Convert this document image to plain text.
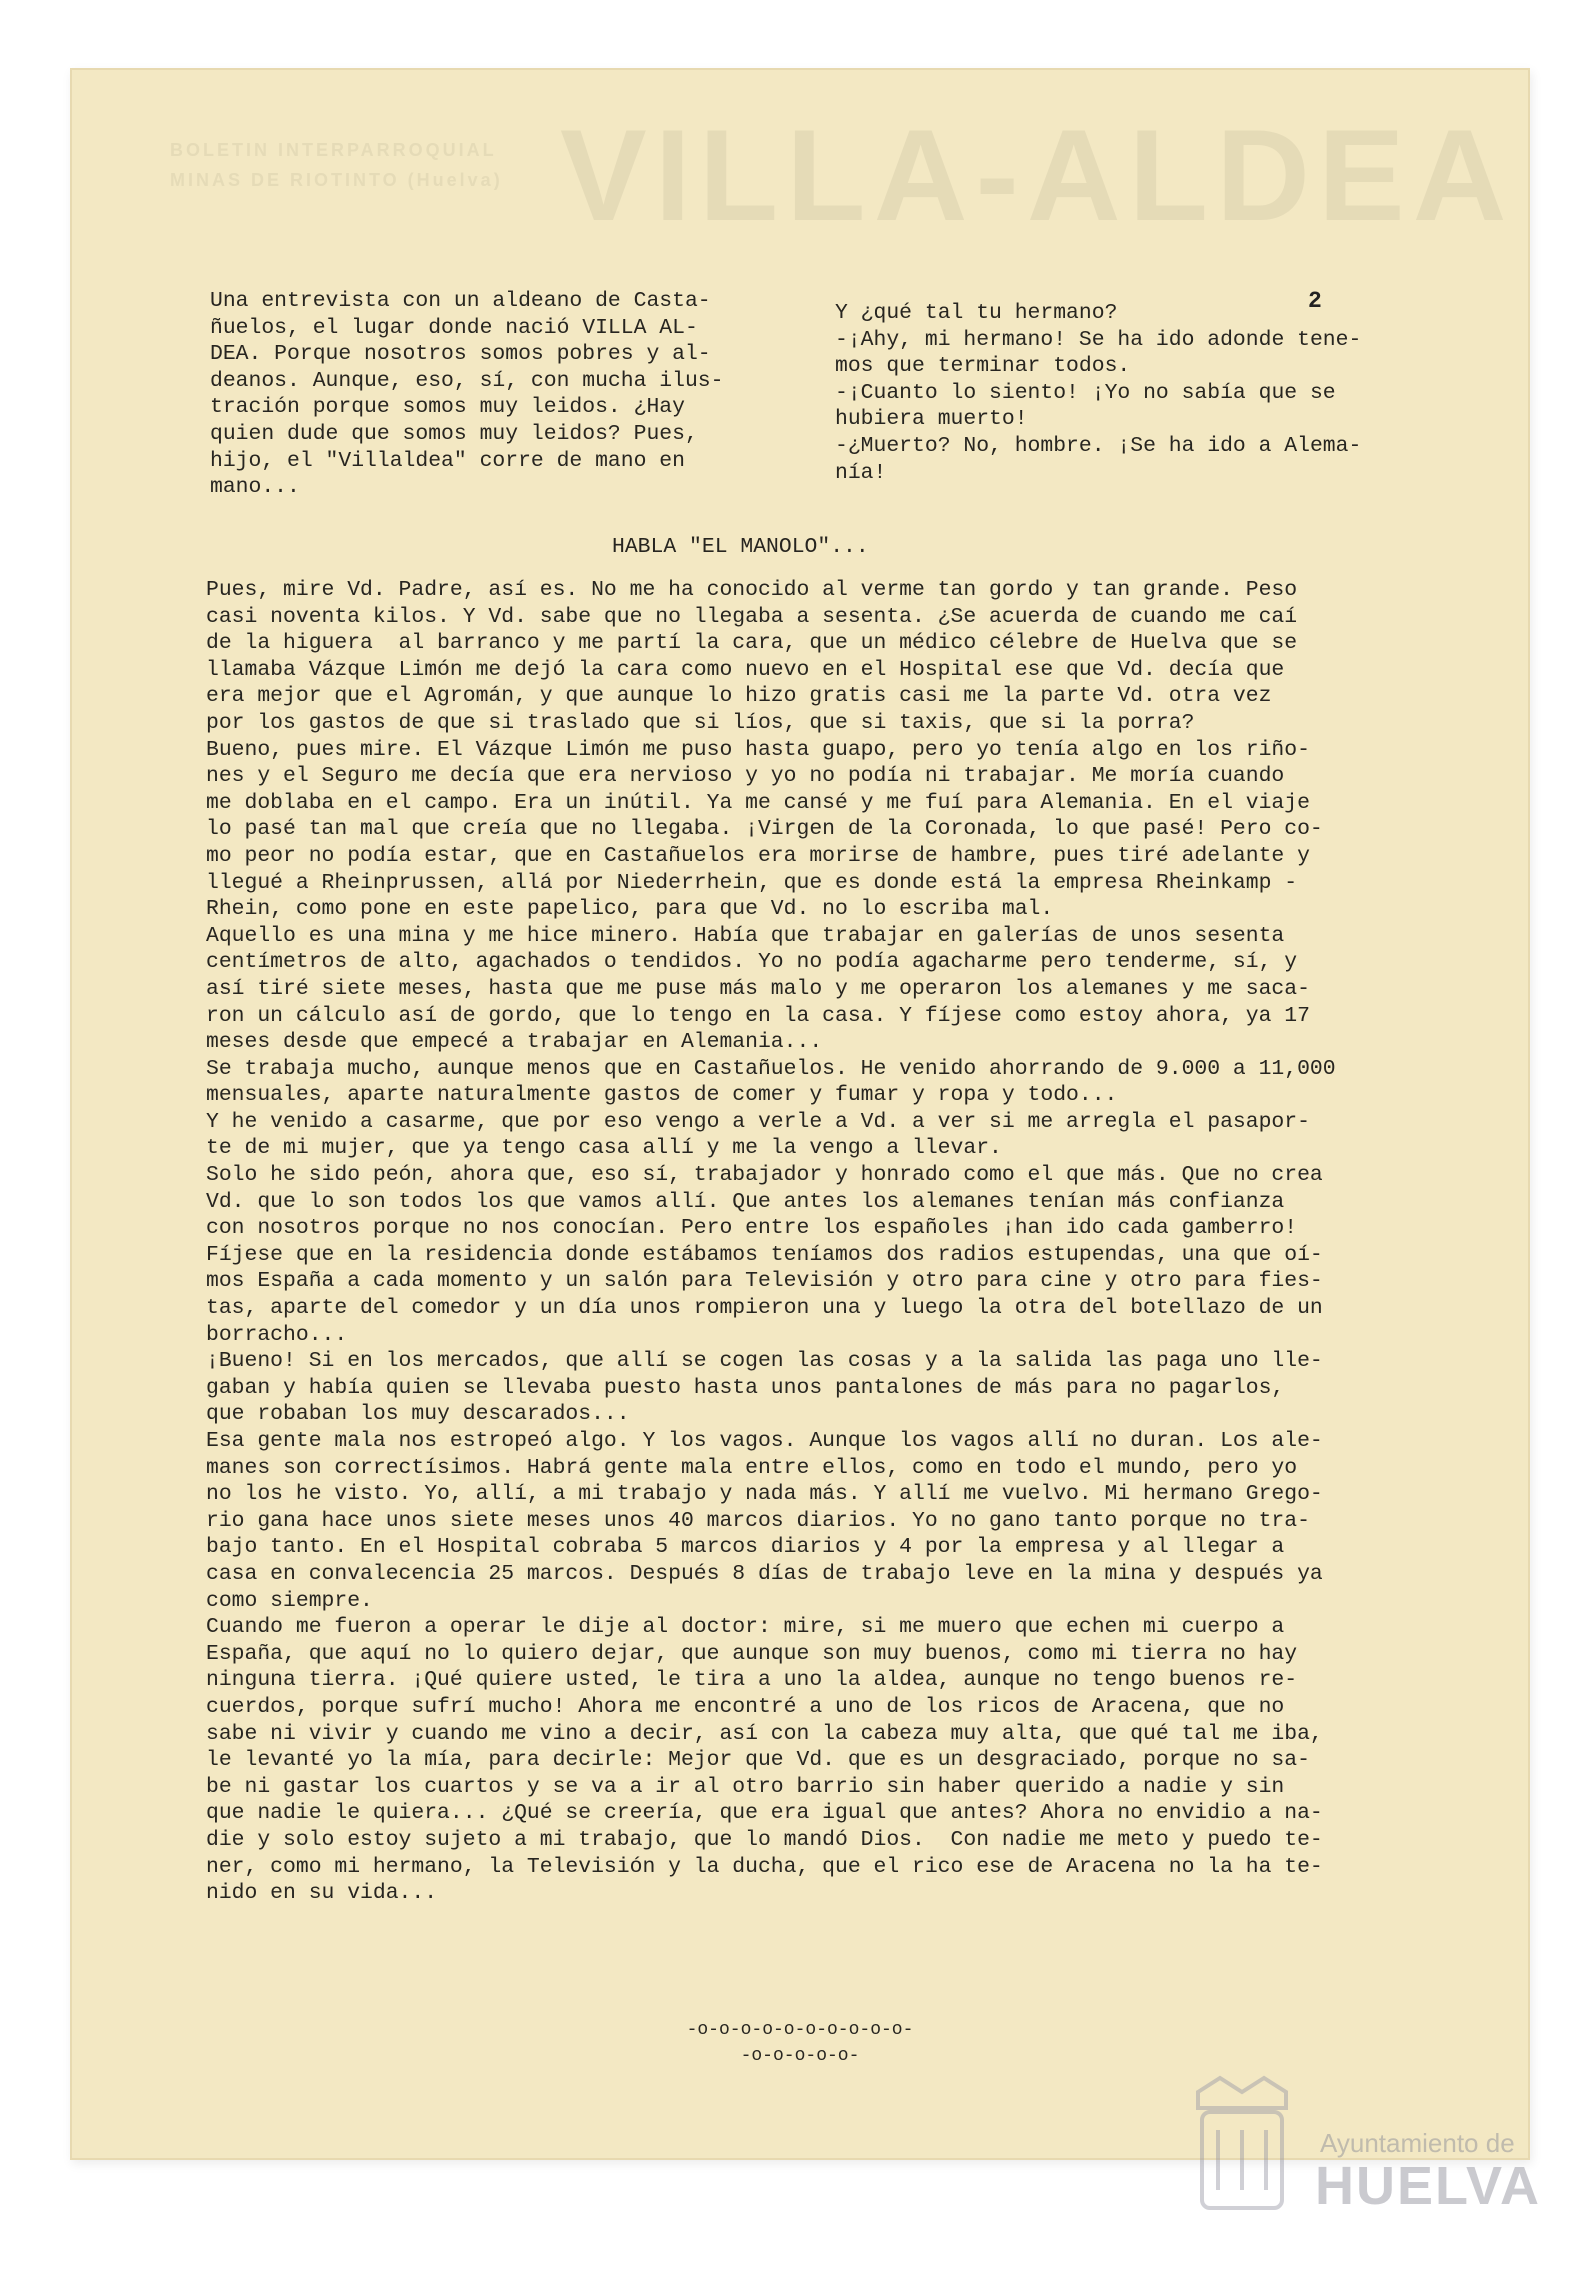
VILLA-ALDEA
BOLETIN INTERPARROQUIAL
MINAS DE RIOTINTO (Huelva)
2
Una entrevista con un aldeano de Casta-
ñuelos, el lugar donde nació VILLA AL-
DEA. Porque nosotros somos pobres y al-
deanos. Aunque, eso, sí, con mucha ilus-
tración porque somos muy leidos. ¿Hay
quien dude que somos muy leidos? Pues,
hijo, el "Villaldea" corre de mano en
mano...
Y ¿qué tal tu hermano?
-¡Ahy, mi hermano! Se ha ido adonde tene-
mos que terminar todos.
-¡Cuanto lo siento! ¡Yo no sabía que se
hubiera muerto!
-¿Muerto? No, hombre. ¡Se ha ido a Alema-
nía!
HABLA "EL MANOLO"...
Pues, mire Vd. Padre, así es. No me ha conocido al verme tan gordo y tan grande. Peso
casi noventa kilos. Y Vd. sabe que no llegaba a sesenta. ¿Se acuerda de cuando me caí
de la higuera  al barranco y me partí la cara, que un médico célebre de Huelva que se
llamaba Vázque Limón me dejó la cara como nuevo en el Hospital ese que Vd. decía que
era mejor que el Agromán, y que aunque lo hizo gratis casi me la parte Vd. otra vez
por los gastos de que si traslado que si líos, que si taxis, que si la porra?
Bueno, pues mire. El Vázque Limón me puso hasta guapo, pero yo tenía algo en los riño-
nes y el Seguro me decía que era nervioso y yo no podía ni trabajar. Me moría cuando
me doblaba en el campo. Era un inútil. Ya me cansé y me fuí para Alemania. En el viaje
lo pasé tan mal que creía que no llegaba. ¡Virgen de la Coronada, lo que pasé! Pero co-
mo peor no podía estar, que en Castañuelos era morirse de hambre, pues tiré adelante y
llegué a Rheinprussen, allá por Niederrhein, que es donde está la empresa Rheinkamp -
Rhein, como pone en este papelico, para que Vd. no lo escriba mal.
Aquello es una mina y me hice minero. Había que trabajar en galerías de unos sesenta
centímetros de alto, agachados o tendidos. Yo no podía agacharme pero tenderme, sí, y
así tiré siete meses, hasta que me puse más malo y me operaron los alemanes y me saca-
ron un cálculo así de gordo, que lo tengo en la casa. Y fíjese como estoy ahora, ya 17
meses desde que empecé a trabajar en Alemania...
Se trabaja mucho, aunque menos que en Castañuelos. He venido ahorrando de 9.000 a 11,000
mensuales, aparte naturalmente gastos de comer y fumar y ropa y todo...
Y he venido a casarme, que por eso vengo a verle a Vd. a ver si me arregla el pasapor-
te de mi mujer, que ya tengo casa allí y me la vengo a llevar.
Solo he sido peón, ahora que, eso sí, trabajador y honrado como el que más. Que no crea
Vd. que lo son todos los que vamos allí. Que antes los alemanes tenían más confianza
con nosotros porque no nos conocían. Pero entre los españoles ¡han ido cada gamberro!
Fíjese que en la residencia donde estábamos teníamos dos radios estupendas, una que oí-
mos España a cada momento y un salón para Televisión y otro para cine y otro para fies-
tas, aparte del comedor y un día unos rompieron una y luego la otra del botellazo de un
borracho...
¡Bueno! Si en los mercados, que allí se cogen las cosas y a la salida las paga uno lle-
gaban y había quien se llevaba puesto hasta unos pantalones de más para no pagarlos,
que robaban los muy descarados...
Esa gente mala nos estropeó algo. Y los vagos. Aunque los vagos allí no duran. Los ale-
manes son correctísimos. Habrá gente mala entre ellos, como en todo el mundo, pero yo
no los he visto. Yo, allí, a mi trabajo y nada más. Y allí me vuelvo. Mi hermano Grego-
rio gana hace unos siete meses unos 40 marcos diarios. Yo no gano tanto porque no tra-
bajo tanto. En el Hospital cobraba 5 marcos diarios y 4 por la empresa y al llegar a
casa en convalecencia 25 marcos. Después 8 días de trabajo leve en la mina y después ya
como siempre.
Cuando me fueron a operar le dije al doctor: mire, si me muero que echen mi cuerpo a
España, que aquí no lo quiero dejar, que aunque son muy buenos, como mi tierra no hay
ninguna tierra. ¡Qué quiere usted, le tira a uno la aldea, aunque no tengo buenos re-
cuerdos, porque sufrí mucho! Ahora me encontré a uno de los ricos de Aracena, que no
sabe ni vivir y cuando me vino a decir, así con la cabeza muy alta, que qué tal me iba,
le levanté yo la mía, para decirle: Mejor que Vd. que es un desgraciado, porque no sa-
be ni gastar los cuartos y se va a ir al otro barrio sin haber querido a nadie y sin
que nadie le quiera... ¿Qué se creería, que era igual que antes? Ahora no envidio a na-
die y solo estoy sujeto a mi trabajo, que lo mandó Dios.  Con nadie me meto y puedo te-
ner, como mi hermano, la Televisión y la ducha, que el rico ese de Aracena no la ha te-
nido en su vida...
-o-o-o-o-o-o-o-o-o-o-
-o-o-o-o-o-
Ayuntamiento de
HUELVA
